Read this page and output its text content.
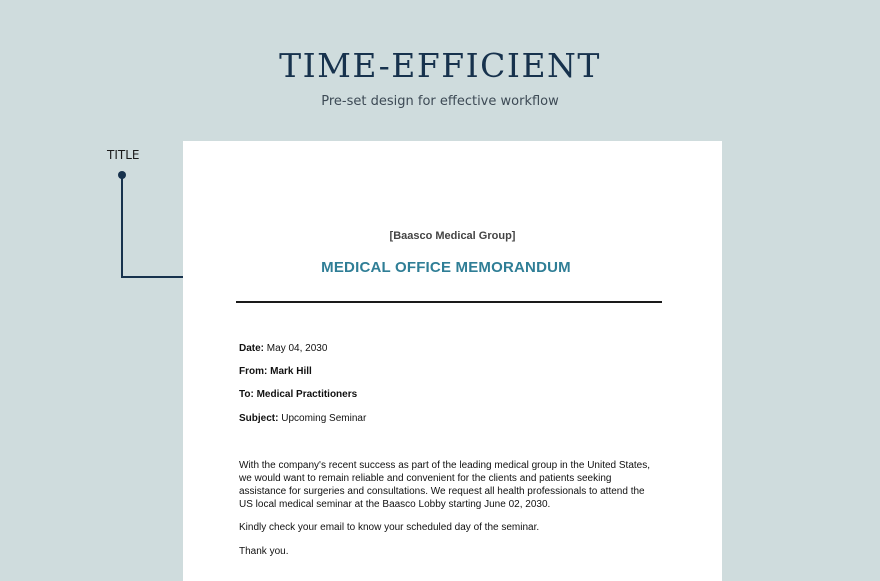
TIME-EFFICIENT

Pre-set design for effective workflow

TITLE
[Baasco Medical Group]
MEDICAL OFFICE MEMORANDUM
Date: May 04, 2030
From: Mark Hill
To: Medical Practitioners
Subject: Upcoming Seminar

With the company's recent success as part of the leading medical group in the United States, we would want to remain reliable and convenient for the clients and patients seeking assistance for surgeries and consultations. We request all health professionals to attend the US local medical seminar at the Baasco Lobby starting June 02, 2030.

Kindly check your email to know your scheduled day of the seminar.

Thank you.
